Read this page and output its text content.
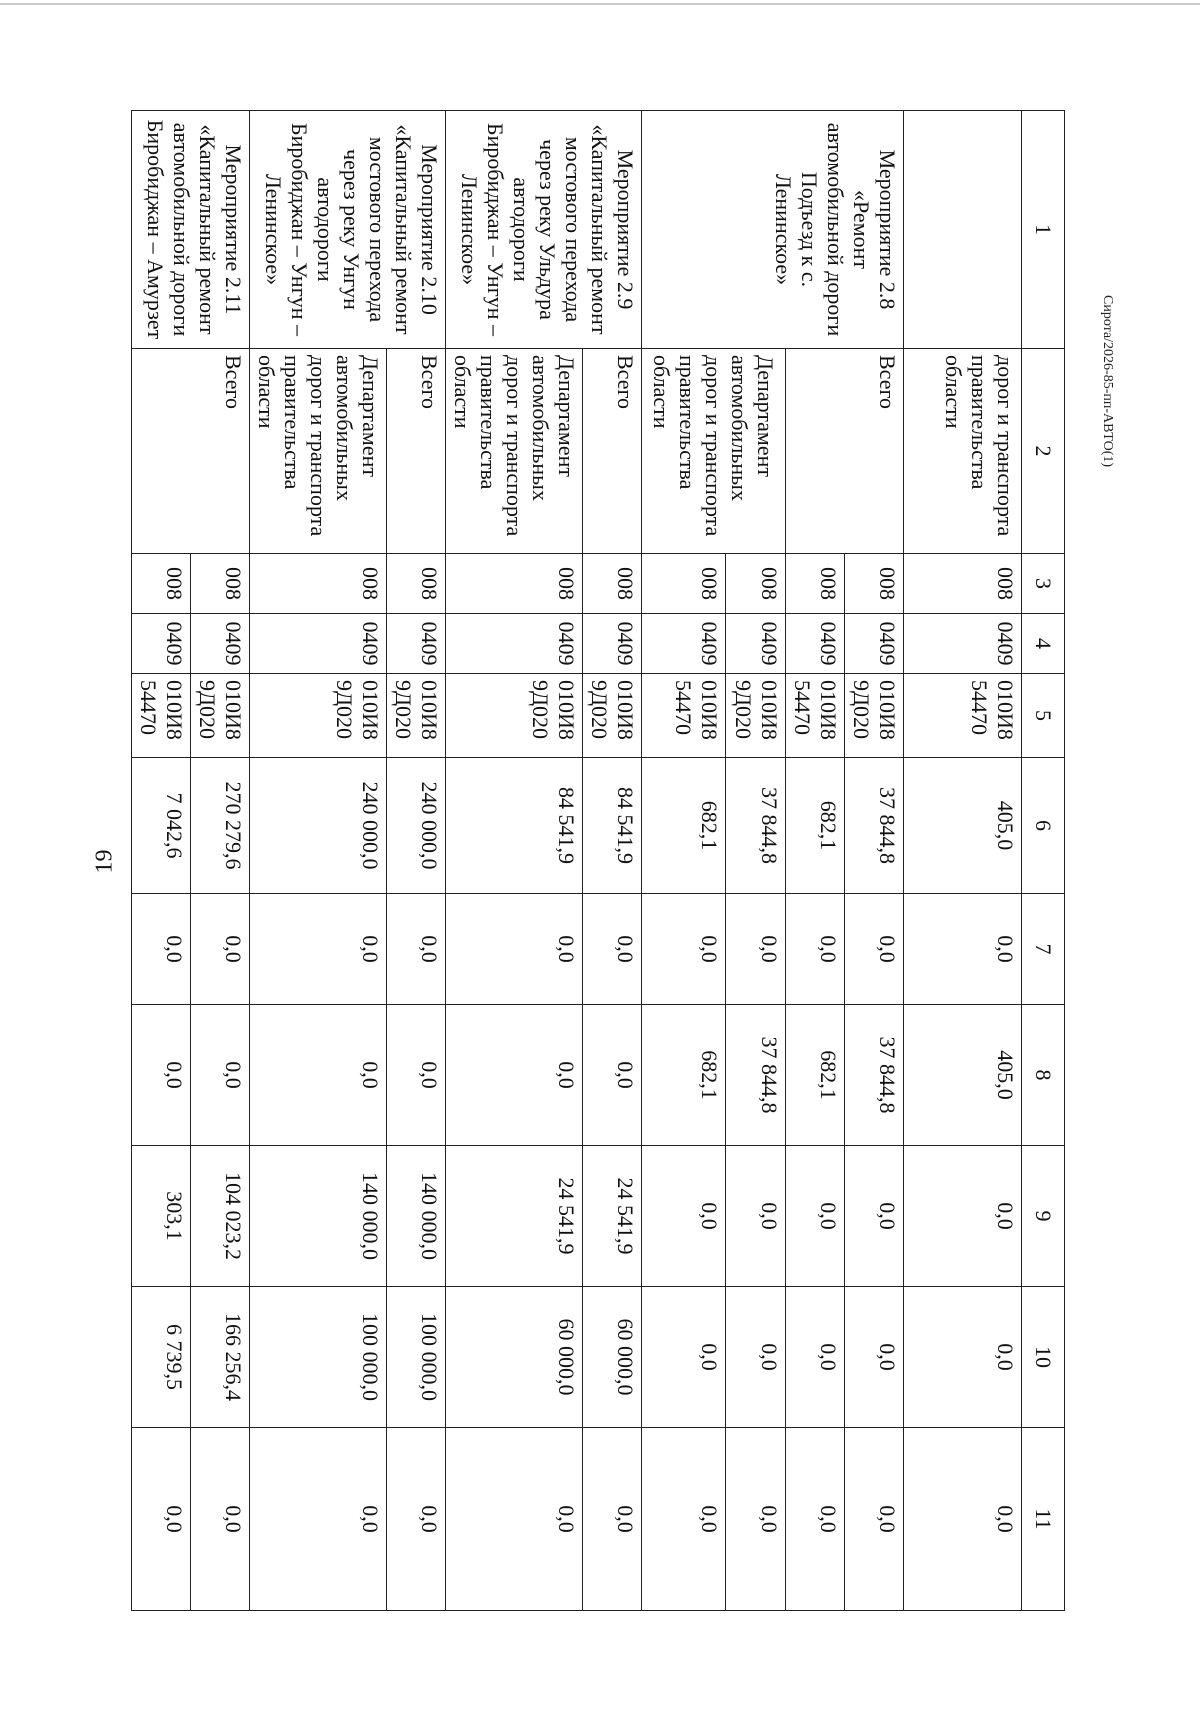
19
1	2	3	4	5	6	7	8	9	10	11
	дорог и транспорта правительства области	008	0409	010И8
54470	405,0	0,0	405,0	0,0	0,0	0,0
Мероприятие 2.8 «Ремонт автомобильной дороги Подъезд к с. Ленинское»	Всего	008	0409	010И8
9Д020	37 844,8	0,0	37 844,8	0,0	0,0	0,0
		008	0409	010И8
54470	682,1	0,0	682,1	0,0	0,0	0,0
	Департамент автомобильных дорог и транспорта правительства области	008	0409	010И8
9Д020	37 844,8	0,0	37 844,8	0,0	0,0	0,0
		008	0409	010И8
54470	682,1	0,0	682,1	0,0	0,0	0,0
Мероприятие 2.9 «Капитальный ремонт мостового перехода через реку Ульдура автодороги Биробиджан – Унгун – Ленинское»	Всего	008	0409	010И8
9Д020	84 541,9	0,0	0,0	24 541,9	60 000,0	0,0
	Департамент автомобильных дорог и транспорта правительства области	008	0409	010И8
9Д020	84 541,9	0,0	0,0	24 541,9	60 000,0	0,0
Мероприятие 2.10 «Капитальный ремонт мостового перехода через реку Унгун автодороги Биробиджан – Унгун – Ленинское»	Всего	008	0409	010И8
9Д020	240 000,0	0,0	0,0	140 000,0	100 000,0	0,0
	Департамент автомобильных дорог и транспорта правительства области	008	0409	010И8
9Д020	240 000,0	0,0	0,0	140 000,0	100 000,0	0,0
Мероприятие 2.11 «Капитальный ремонт автомобильной дороги Биробиджан – Амурзет	Всего	008	0409	010И8
9Д020	270 279,6	0,0	0,0	104 023,2	166 256,4	0,0
		008	0409	010И8
54470	7 042,6	0,0	0,0	303,1	6 739,5	0,0
Сирота/2026-85-пп-АВТО(1)
